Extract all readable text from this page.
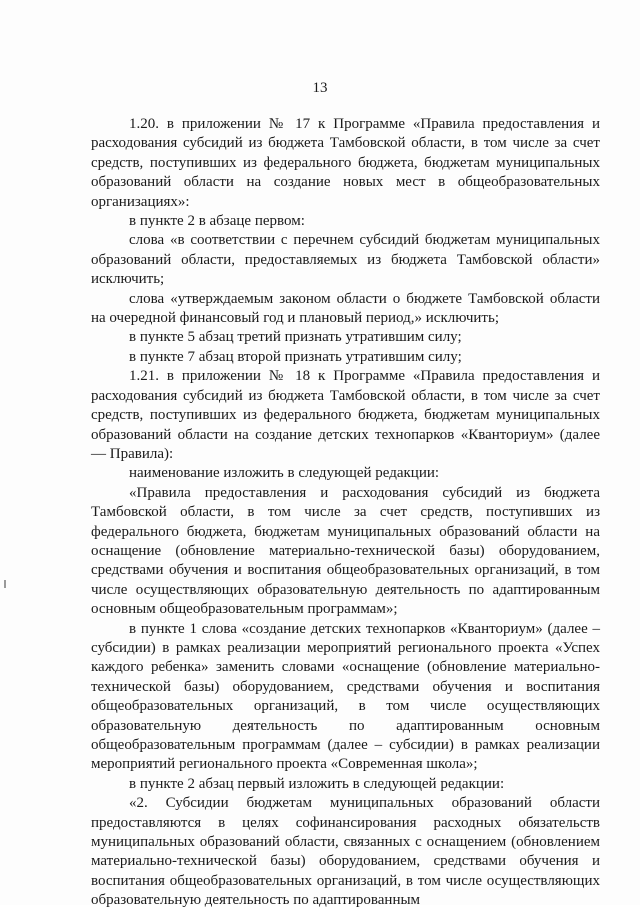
13

1.20. в приложении № 17 к Программе «Правила предоставления и расходования субсидий из бюджета Тамбовской области, в том числе за счет средств, поступивших из федерального бюджета, бюджетам муниципальных образований области на создание новых мест в общеобразовательных организациях»:

в пункте 2 в абзаце первом:

слова «в соответствии с перечнем субсидий бюджетам муниципальных образований области, предоставляемых из бюджета Тамбовской области» исключить;

слова «утверждаемым законом области о бюджете Тамбовской области на очередной финансовый год и плановый период,» исключить;

в пункте 5 абзац третий признать утратившим силу;

в пункте 7 абзац второй признать утратившим силу;

1.21. в приложении № 18 к Программе «Правила предоставления и расходования субсидий из бюджета Тамбовской области, в том числе за счет средств, поступивших из федерального бюджета, бюджетам муниципальных образований области на создание детских технопарков «Кванториум» (далее — Правила):

наименование изложить в следующей редакции:

«Правила предоставления и расходования субсидий из бюджета Тамбовской области, в том числе за счет средств, поступивших из федерального бюджета, бюджетам муниципальных образований области на оснащение (обновление материально-технической базы) оборудованием, средствами обучения и воспитания общеобразовательных организаций, в том числе осуществляющих образовательную деятельность по адаптированным основным общеобразовательным программам»;

в пункте 1 слова «создание детских технопарков «Кванториум» (далее – субсидии) в рамках реализации мероприятий регионального проекта «Успех каждого ребенка» заменить словами «оснащение (обновление материально-технической базы) оборудованием, средствами обучения и воспитания общеобразовательных организаций, в том числе осуществляющих образовательную деятельность по адаптированным основным общеобразовательным программам (далее – субсидии) в рамках реализации мероприятий регионального проекта «Современная школа»;

в пункте 2 абзац первый изложить в следующей редакции:

«2. Субсидии бюджетам муниципальных образований области предоставляются в целях софинансирования расходных обязательств муниципальных образований области, связанных с оснащением (обновлением материально-технической базы) оборудованием, средствами обучения и воспитания общеобразовательных организаций, в том числе осуществляющих образовательную деятельность по адаптированным
